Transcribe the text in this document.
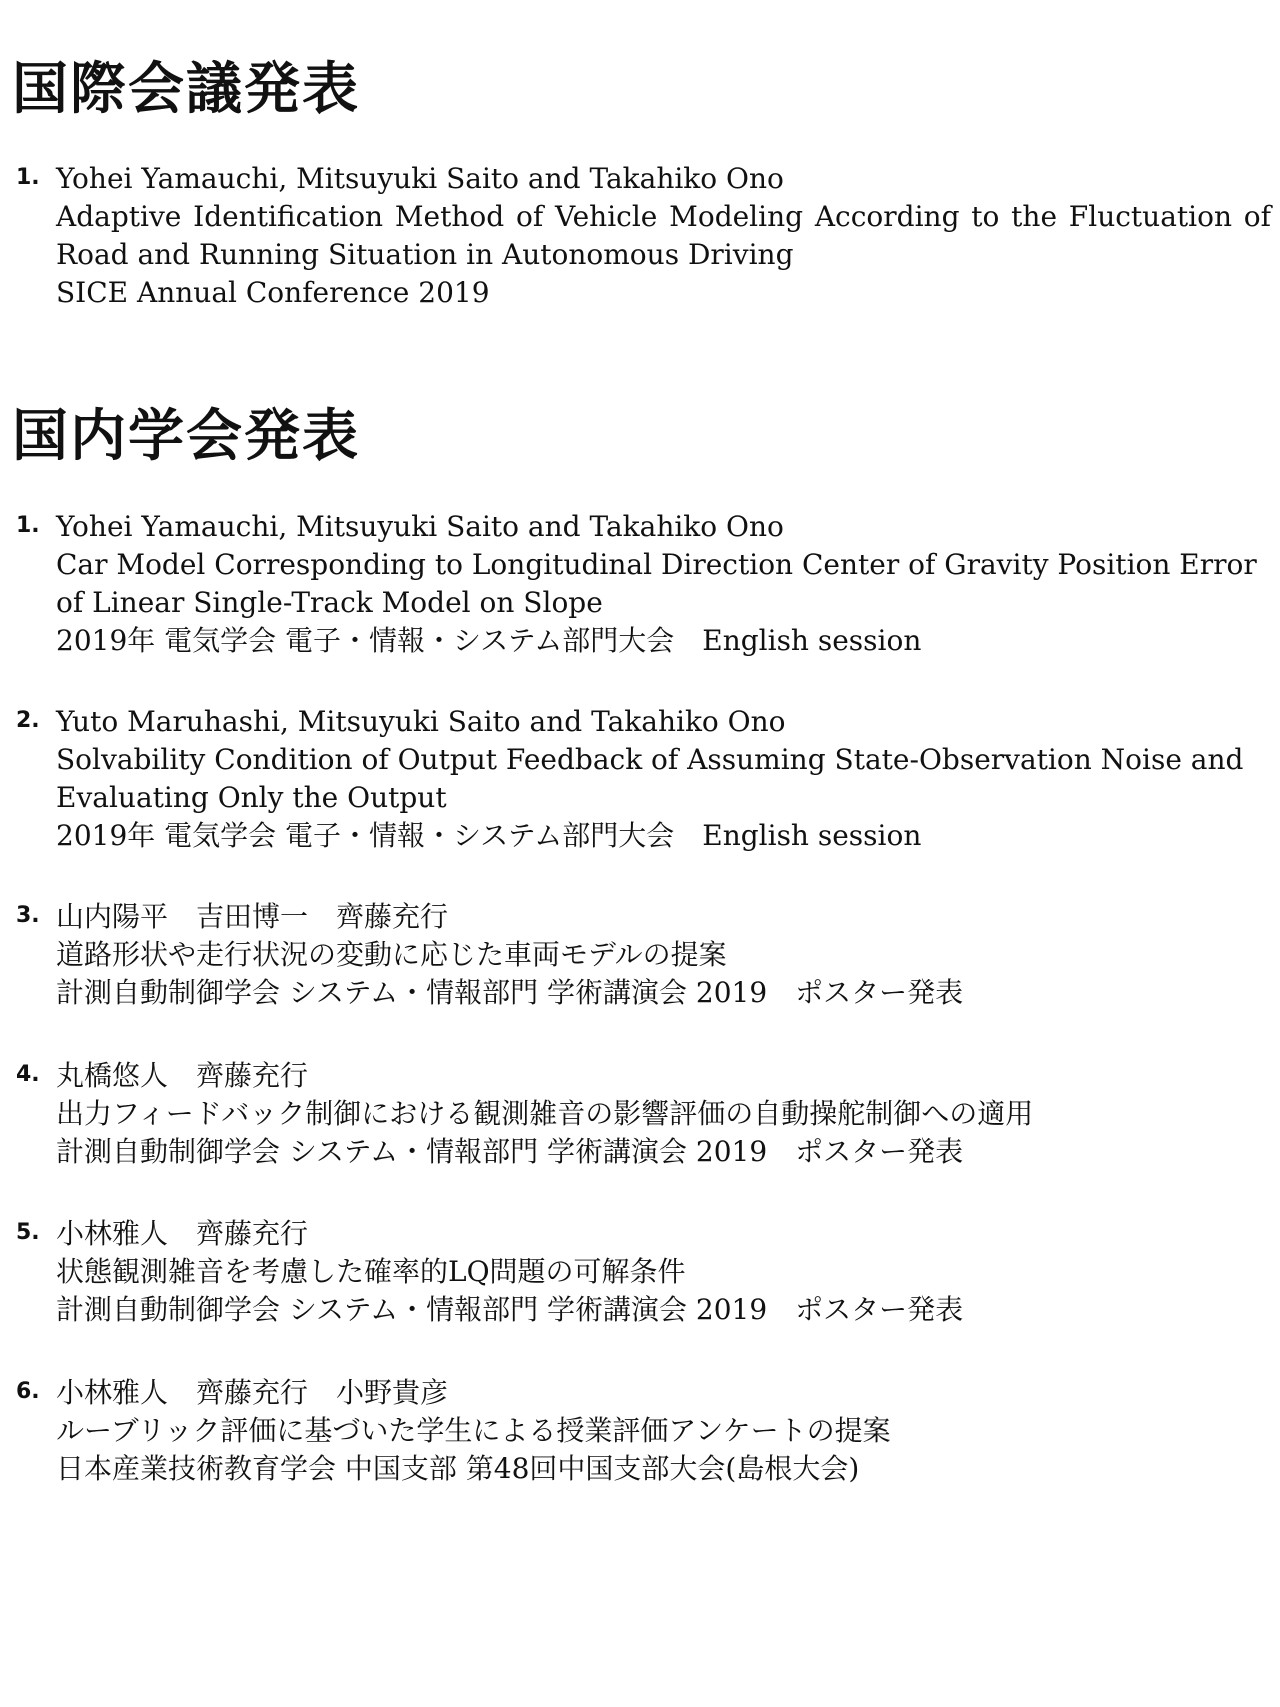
国際会議発表
1. Yohei Yamauchi, Mitsuyuki Saito and Takahiko Ono
Adaptive Identification Method of Vehicle Modeling According to the Fluctuation of Road and Running Situation in Autonomous Driving
SICE Annual Conference 2019
国内学会発表
1. Yohei Yamauchi, Mitsuyuki Saito and Takahiko Ono
Car Model Corresponding to Longitudinal Direction Center of Gravity Position Error of Linear Single-Track Model on Slope
2019年 電気学会 電子・情報・システム部門大会　English session
2. Yuto Maruhashi, Mitsuyuki Saito and Takahiko Ono
Solvability Condition of Output Feedback of Assuming State-Observation Noise and Evaluating Only the Output
2019年 電気学会 電子・情報・システム部門大会　English session
3. 山内陽平　吉田博一　齊藤充行
道路形状や走行状況の変動に応じた車両モデルの提案
計測自動制御学会 システム・情報部門 学術講演会 2019　ポスター発表
4. 丸橋悠人　齊藤充行
出力フィードバック制御における観測雑音の影響評価の自動操舵制御への適用
計測自動制御学会 システム・情報部門 学術講演会 2019　ポスター発表
5. 小林雅人　齊藤充行
状態観測雑音を考慮した確率的LQ問題の可解条件
計測自動制御学会 システム・情報部門 学術講演会 2019　ポスター発表
6. 小林雅人　齊藤充行　小野貴彦
ルーブリック評価に基づいた学生による授業評価アンケートの提案
日本産業技術教育学会 中国支部 第48回中国支部大会(島根大会)
